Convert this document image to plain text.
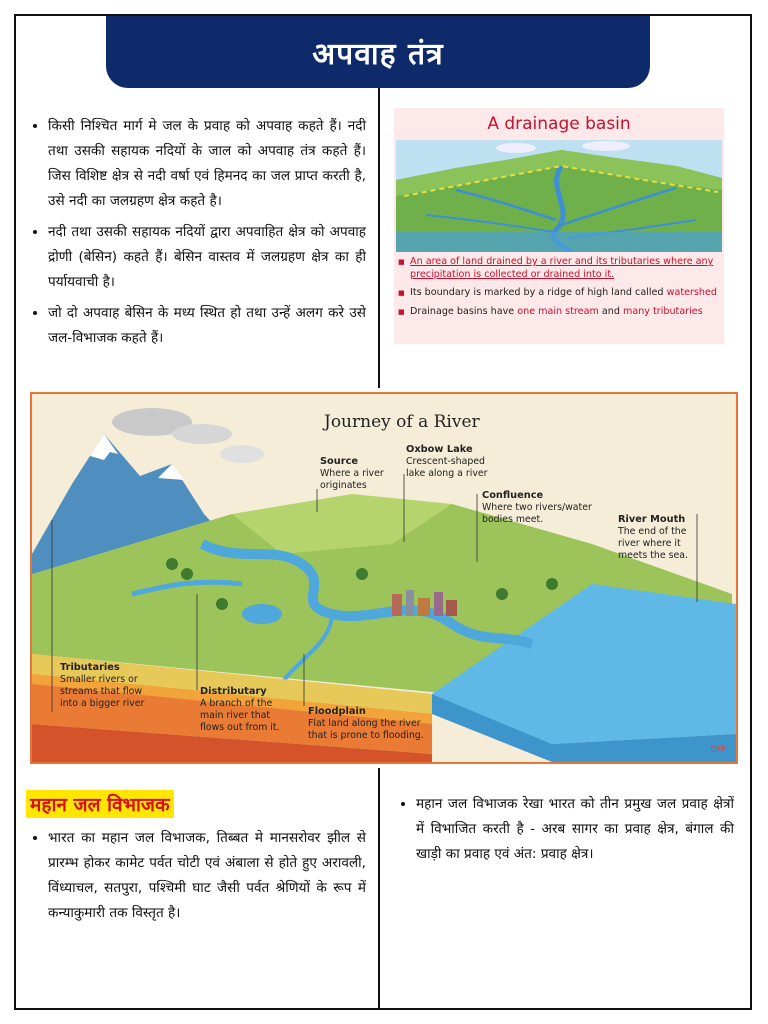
अपवाह तंत्र
• किसी निश्चित मार्ग मे जल के प्रवाह को अपवाह कहते हैं। नदी तथा उसकी सहायक नदियों के जाल को अपवाह तंत्र कहते हैं। जिस विशिष्ट क्षेत्र से नदी वर्षा एवं हिमनद का जल प्राप्त करती है, उसे नदी का जलग्रहण क्षेत्र कहते है।
• नदी तथा उसकी सहायक नदियों द्वारा अपवाहित क्षेत्र को अपवाह द्रोणी (बेसिन) कहते हैं। बेसिन वास्तव में जलग्रहण क्षेत्र का ही पर्यायवाची है।
• जो दो अपवाह बेसिन के मध्य स्थित हो तथा उन्हें अलग करे उसे जल-विभाजक कहते हैं।
A drainage basin
■ An area of land drained by a river and its tributaries where any precipitation is collected or drained into it.
■ Its boundary is marked by a ridge of high land called watershed
■ Drainage basins have one main stream and many tributaries
Journey of a River
Source
Where a river originates
Oxbow Lake
Crescent-shaped lake along a river
Confluence
Where two rivers/water bodies meet.	River Mouth
The end of the river where it meets the sea.
Tributaries
Smaller rivers or streams that flow into a bigger river
Distributary
A branch of the main river that flows out from it.
Floodplain
Flat land along the river that is prone to flooding.
OFF
महान जल विभाजक
• भारत का महान जल विभाजक, तिब्बत मे मानसरोवर झील से प्रारम्भ होकर कामेट पर्वत चोटी एवं अंबाला से होते हुए अरावली, विंध्याचल, सतपुरा, पश्चिमी घाट जैसी पर्वत श्रेणियों के रूप में कन्याकुमारी तक विस्तृत है।
• महान जल विभाजक रेखा भारत को तीन प्रमुख जल प्रवाह क्षेत्रों में विभाजित करती है - अरब सागर का प्रवाह क्षेत्र, बंगाल की खाड़ी का प्रवाह एवं अंत: प्रवाह क्षेत्र।
